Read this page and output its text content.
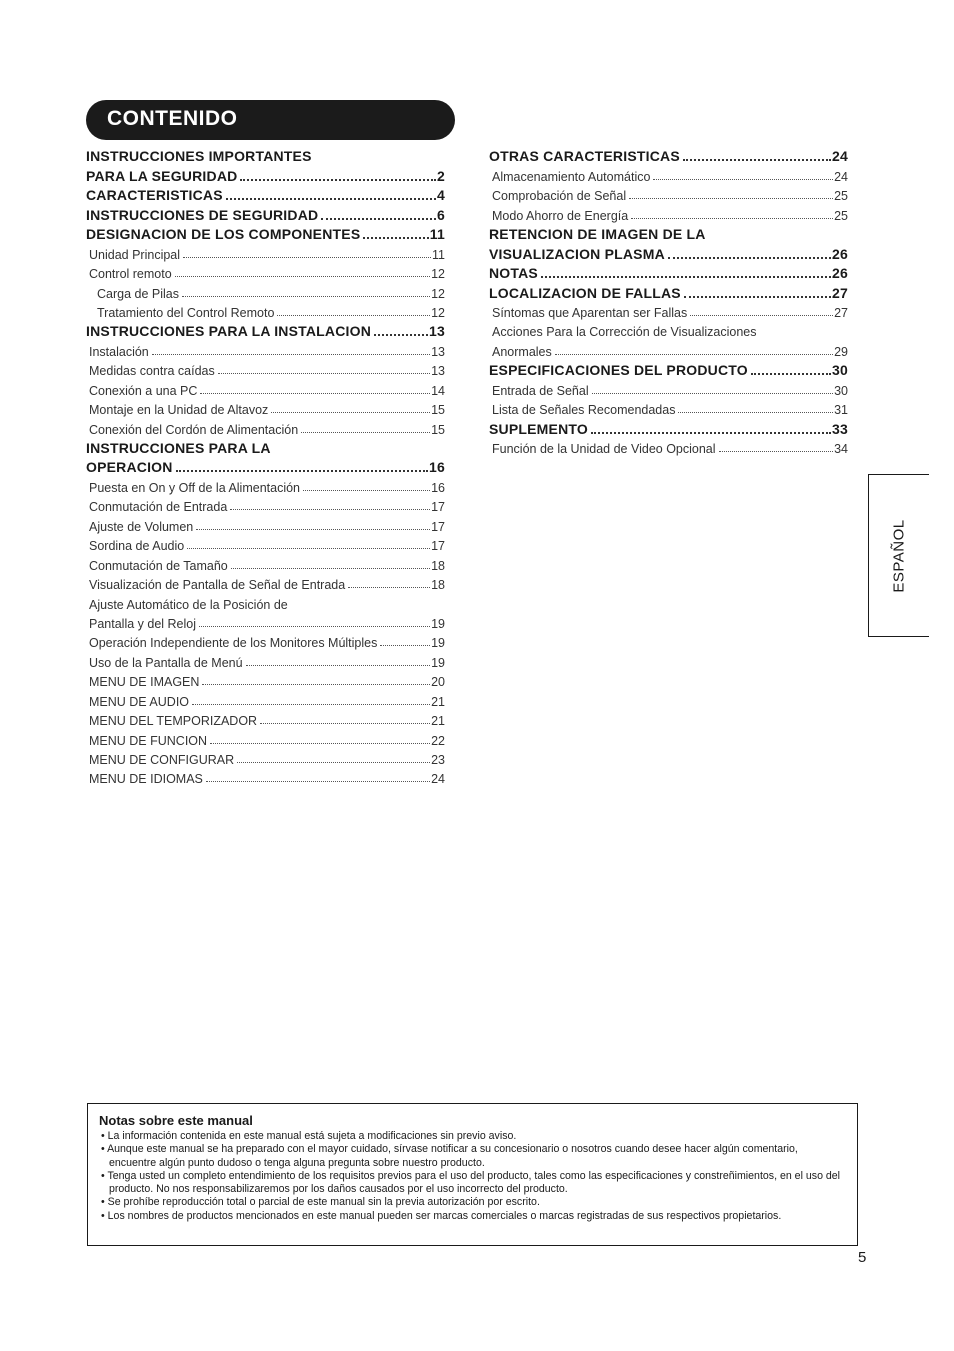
CONTENIDO
INSTRUCCIONES IMPORTANTES
PARA LA SEGURIDAD	2
CARACTERISTICAS	4
INSTRUCCIONES DE SEGURIDAD	6
DESIGNACION DE LOS COMPONENTES	11
Unidad Principal	11
Control remoto	12
Carga de Pilas	12
Tratamiento del Control Remoto	12
INSTRUCCIONES PARA LA INSTALACION	13
Instalación	13
Medidas contra caídas	13
Conexión a una PC	14
Montaje en la Unidad de Altavoz	15
Conexión del Cordón de Alimentación	15
INSTRUCCIONES PARA LA
OPERACION	16
Puesta en On y Off de la Alimentación	16
Conmutación de Entrada	17
Ajuste de Volumen	17
Sordina de Audio	17
Conmutación de Tamaño	18
Visualización de Pantalla de Señal de Entrada	18
Ajuste Automático de la Posición de
Pantalla y del Reloj	19
Operación Independiente de los Monitores Múltiples	19
Uso de la Pantalla de Menú	19
MENU DE IMAGEN	20
MENU DE AUDIO	21
MENU DEL TEMPORIZADOR	21
MENU DE FUNCION	22
MENU DE CONFIGURAR	23
MENU DE IDIOMAS	24
OTRAS CARACTERISTICAS	24
Almacenamiento Automático	24
Comprobación de Señal	25
Modo Ahorro de Energía	25
RETENCION DE IMAGEN DE LA
VISUALIZACION PLASMA	26
NOTAS	26
LOCALIZACION DE FALLAS	27
Síntomas que Aparentan ser Fallas	27
Acciones Para la Corrección de Visualizaciones
Anormales	29
ESPECIFICACIONES DEL PRODUCTO	30
Entrada de Señal	30
Lista de Señales Recomendadas	31
SUPLEMENTO	33
Función de la Unidad de Video Opcional	34
ESPAÑOL
Notas sobre este manual
• La información contenida en este manual está sujeta a modificaciones sin previo aviso.
• Aunque este manual se ha preparado con el mayor cuidado, sírvase notificar a su concesionario o nosotros cuando desee hacer algún comentario, encuentre algún punto dudoso o tenga alguna pregunta sobre nuestro producto.
• Tenga usted un completo entendimiento de los requisitos previos para el uso del producto, tales como las especificaciones y constreñimientos, en el uso del producto. No nos responsabilizaremos por los daños causados por el uso incorrecto del producto.
• Se prohíbe reproducción total o parcial de este manual sin la previa autorización por escrito.
• Los nombres de productos mencionados en este manual pueden ser marcas comerciales o marcas registradas de sus respectivos propietarios.
5
